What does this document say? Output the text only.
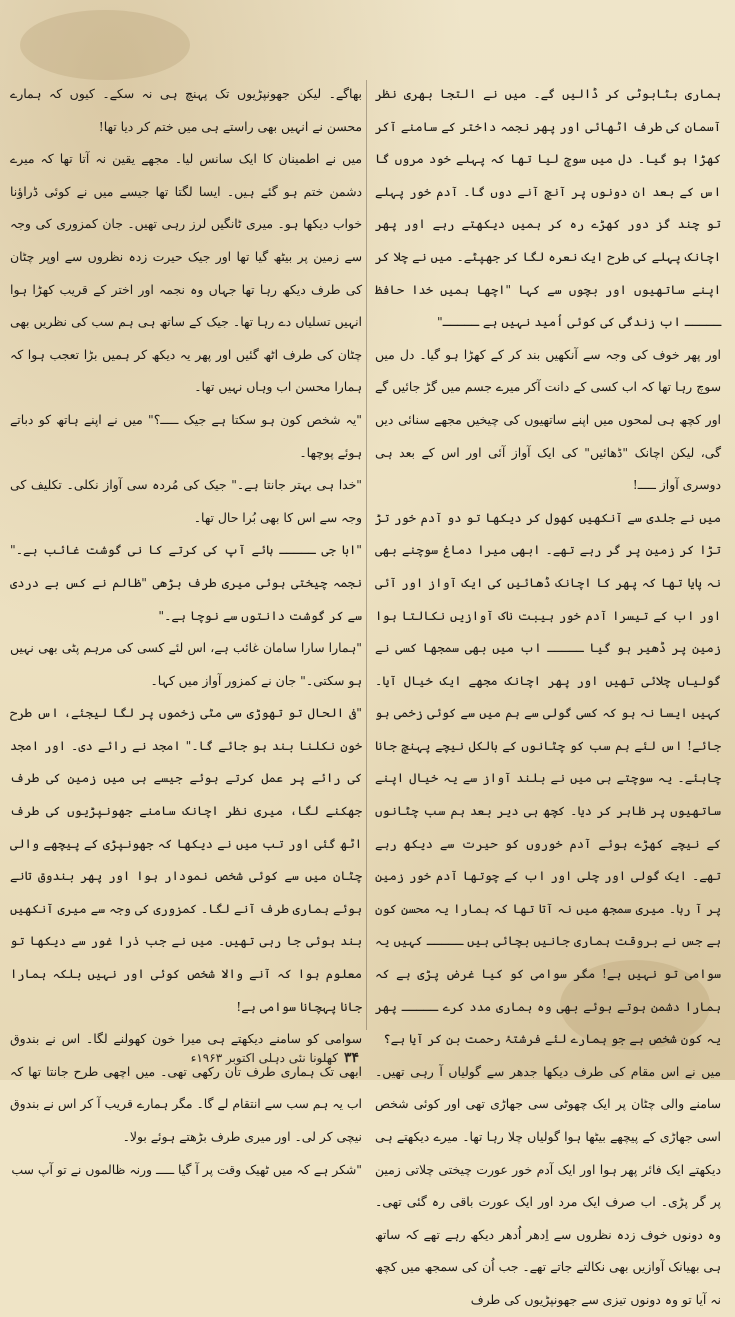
ہماری بٹابوٹی کر ڈالیں گے۔ میں نے التجا بھری نظر آسمان کی طرف اٹھائی اور پھر نجمہ داختر کے سامنے آکر کھڑا ہو گیا۔ دل میں سوچ لیا تھا کہ پہلے خود مروں گا اس کے بعد ان دونوں پر آنچ آنے دوں گا۔ آدم خور پہلے تو چند گز دور کھڑے رہ کر ہمیں دیکھتے رہے اور پھر اچانک پہلے کی طرح ایک نعرہ لگا کر جھپٹے۔ میں نے چلا کر اپنے ساتھیوں اور بچوں سے کہا "اچھا ہمیں خدا حافظ ـــــ اب زندگی کی کوئی اُمید نہیں ہے ـــــ"

اور پھر خوف کی وجہ سے آنکھیں بند کر کے کھڑا ہو گیا۔ دل میں سوچ رہا تھا کہ اب کسی کے دانت آکر میرے جسم میں گڑ جائیں گے اور کچھ ہی لمحوں میں اپنے ساتھیوں کی چیخیں مجھے سنائی دیں گی، لیکن اچانک "ڈھائیں" کی ایک آواز آئی اور اس کے بعد ہی دوسری آواز ـــــ!

میں نے جلدی سے آنکھیں کھول کر دیکھا تو دو آدم خور تڑ تڑا کر زمین پر گر رہے تھے۔ ابھی میرا دماغ سوچنے بھی نہ پایا تھا کہ پھر کا اچانک ڈھائیں کی ایک آواز اور آئی اور اب کے تیسرا آدم خور ہیبت ناک آوازیں نکالتا ہوا زمین پر ڈھیر ہو گیا ـــــ اب میں بھی سمجھا کسی نے گولیاں چلائی تھیں اور پھر اچانک مجھے ایک خیال آیا۔ کہیں ایسا نہ ہو کہ کسی گولی سے ہم میں سے کوئی زخمی ہو جائے! اس لئے ہم سب کو چٹانوں کے بالکل نیچے پہنچ جانا چاہئے۔ یہ سوچتے ہی میں نے بلند آواز سے یہ خیال اپنے ساتھیوں پر ظاہر کر دیا۔ کچھ ہی دیر بعد ہم سب چٹانوں کے نیچے کھڑے ہوئے آدم خوروں کو حیرت سے دیکھ رہے تھے۔ ایک گولی اور چلی اور اب کے چوتھا آدم خور زمین پر آ رہا۔ میری سمجھ میں نہ آتا تھا کہ ہمارا یہ محسن کون ہے جس نے بروقت ہماری جانیں بچائی ہیں ـــــ کہیں یہ سوامی تو نہیں ہے! مگر سوامی کو کیا غرض پڑی ہے کہ ہمارا دشمن ہوتے ہوئے بھی وہ ہماری مدد کرے ـــــ پھر یہ کون شخص ہے جو ہمارے لئے فرشتۂ رحمت بن کر آیا ہے؟

میں نے اس مقام کی طرف دیکھا جدھر سے گولیاں آ رہی تھیں۔ سامنے والی چٹان پر ایک چھوٹی سی جھاڑی تھی اور کوئی شخص اسی جھاڑی کے پیچھے بیٹھا ہوا گولیاں چلا رہا تھا۔ میرے دیکھتے ہی دیکھتے ایک فائر پھر ہوا اور ایک آدم خور عورت چیختی چلاتی زمین پر گر پڑی۔ اب صرف ایک مرد اور ایک عورت باقی رہ گئی تھی۔ وہ دونوں خوف زدہ نظروں سے اِدھر اُدھر دیکھ رہے تھے کہ ساتھ ہی بھیانک آوازیں بھی نکالتے جاتے تھے۔ جب اُن کی سمجھ میں کچھ نہ آیا تو وہ دونوں تیزی سے جھونپڑیوں کی طرف

بھاگے۔ لیکن جھونپڑیوں تک پہنچ ہی نہ سکے۔ کیوں کہ ہمارے محسن نے انہیں بھی راستے ہی میں ختم کر دیا تھا!

میں نے اطمینان کا ایک سانس لیا۔ مجھے یقین نہ آتا تھا کہ میرے دشمن ختم ہو گئے ہیں۔ ایسا لگتا تھا جیسے میں نے کوئی ڈراؤنا خواب دیکھا ہو۔ میری ٹانگیں لرز رہی تھیں۔ جان کمزوری کی وجہ سے زمین پر بیٹھ گیا تھا اور جیک حیرت زدہ نظروں سے اوپر چٹان کی طرف دیکھ رہا تھا جہاں وہ نجمہ اور اختر کے قریب کھڑا ہوا انہیں تسلیاں دے رہا تھا۔ جیک کے ساتھ ہی ہم سب کی نظریں بھی چٹان کی طرف اٹھ گئیں اور پھر یہ دیکھ کر ہمیں بڑا تعجب ہوا کہ ہمارا محسن اب وہاں نہیں تھا۔

"یہ شخص کون ہو سکتا ہے جیک ـــــ؟" میں نے اپنے ہاتھ کو دباتے ہوئے پوچھا۔

"خدا ہی بہتر جانتا ہے۔" جیک کی مُردہ سی آواز نکلی۔ تکلیف کی وجہ سے اس کا بھی بُرا حال تھا۔

"ابا جی ـــــ ہائے آپ کی کرتے کا نی گوشت غائب ہے۔" نجمہ چیختی ہوئی میری طرف بڑھی "ظالم نے کس بے دردی سے کر گوشت دانتوں سے نوچا ہے۔"

"ہمارا سارا سامان غائب ہے، اس لئے کسی کی مرہم پٹی بھی نہیں ہو سکتی۔" جان نے کمزور آواز میں کہا۔

"فی الحال تو تھوڑی سی مٹی زخموں پر لگا لیجئے، اس طرح خون نکلنا بند ہو جائے گا۔" امجد نے رائے دی۔ اور امجد کی رائے پر عمل کرتے ہوئے جیسے ہی میں زمین کی طرف جھکنے لگا، میری نظر اچانک سامنے جھونپڑیوں کی طرف اٹھ گئی اور تب میں نے دیکھا کہ جھونپڑی کے پیچھے والی چٹان میں سے کوئی شخص نمودار ہوا اور پھر بندوق تانے ہوئے ہماری طرف آنے لگا۔ کمزوری کی وجہ سے میری آنکھیں بند ہوئی جا رہی تھیں۔ میں نے جب ذرا غور سے دیکھا تو معلوم ہوا کہ آنے والا شخص کوئی اور نہیں بلکہ ہمارا جانا پہچانا سوامی ہے!

سوامی کو سامنے دیکھتے ہی میرا خون کھولنے لگا۔ اس نے بندوق ابھی تک ہماری طرف تان رکھی تھی۔ میں اچھی طرح جانتا تھا کہ اب یہ ہم سب سے انتقام لے گا۔ مگر ہمارے قریب آ کر اس نے بندوق نیچی کر لی۔ اور میری طرف بڑھتے ہوئے بولا۔

"شکر ہے کہ میں ٹھیک وقت پر آ گیا ـــــ ورنہ ظالموں نے تو آپ سب

۳۴
کھلونا نئی دہلی اکتوبر ۱۹۶۳ء
